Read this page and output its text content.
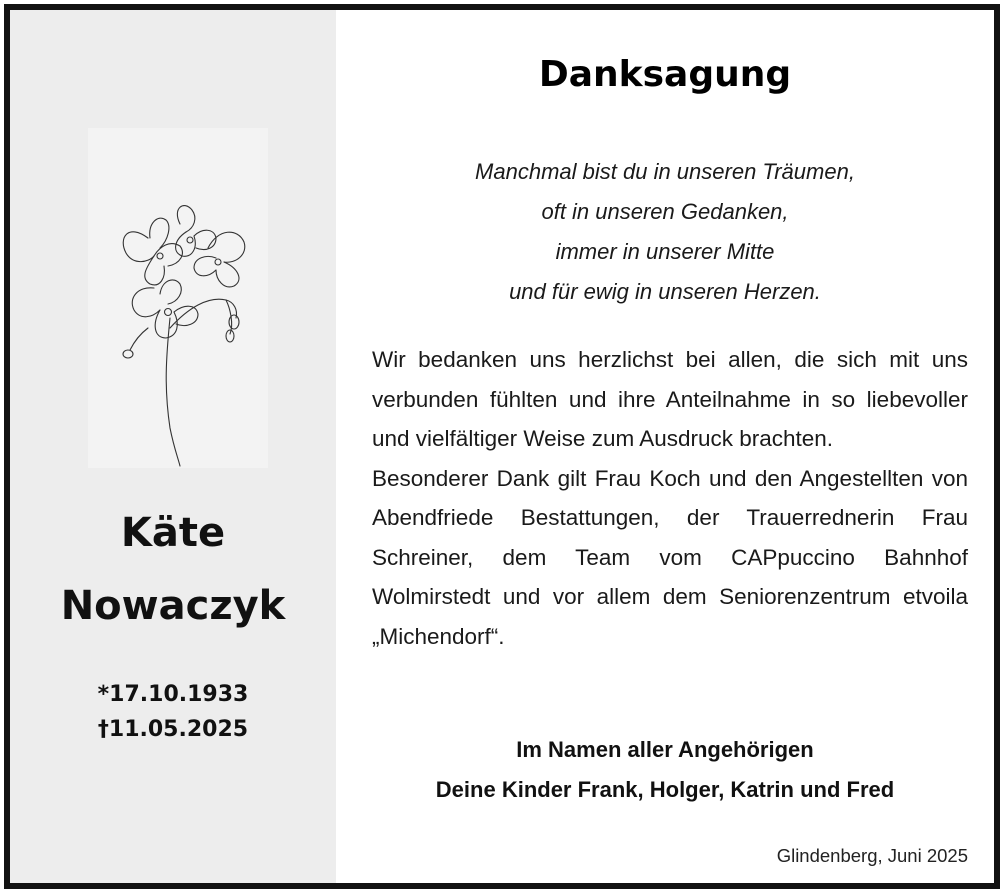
Käte
Nowaczyk
*17.10.1933
†11.05.2025
Danksagung
Manchmal bist du in unseren Träumen,
oft in unseren Gedanken,
immer in unserer Mitte
und für ewig in unseren Herzen.

Wir bedanken uns herzlichst bei allen, die sich mit uns verbunden fühlten und ihre Anteilnahme in so liebevoller und vielfältiger Weise zum Ausdruck brachten.

Besonderer Dank gilt Frau Koch und den Angestellten von Abendfriede Bestattungen, der Trauerrednerin Frau Schreiner, dem Team vom CAPpuccino Bahnhof Wolmirstedt und vor allem dem Seniorenzentrum etvoila „Michendorf“.

Im Namen aller Angehörigen
Deine Kinder Frank, Holger, Katrin und Fred
Glindenberg, Juni 2025
